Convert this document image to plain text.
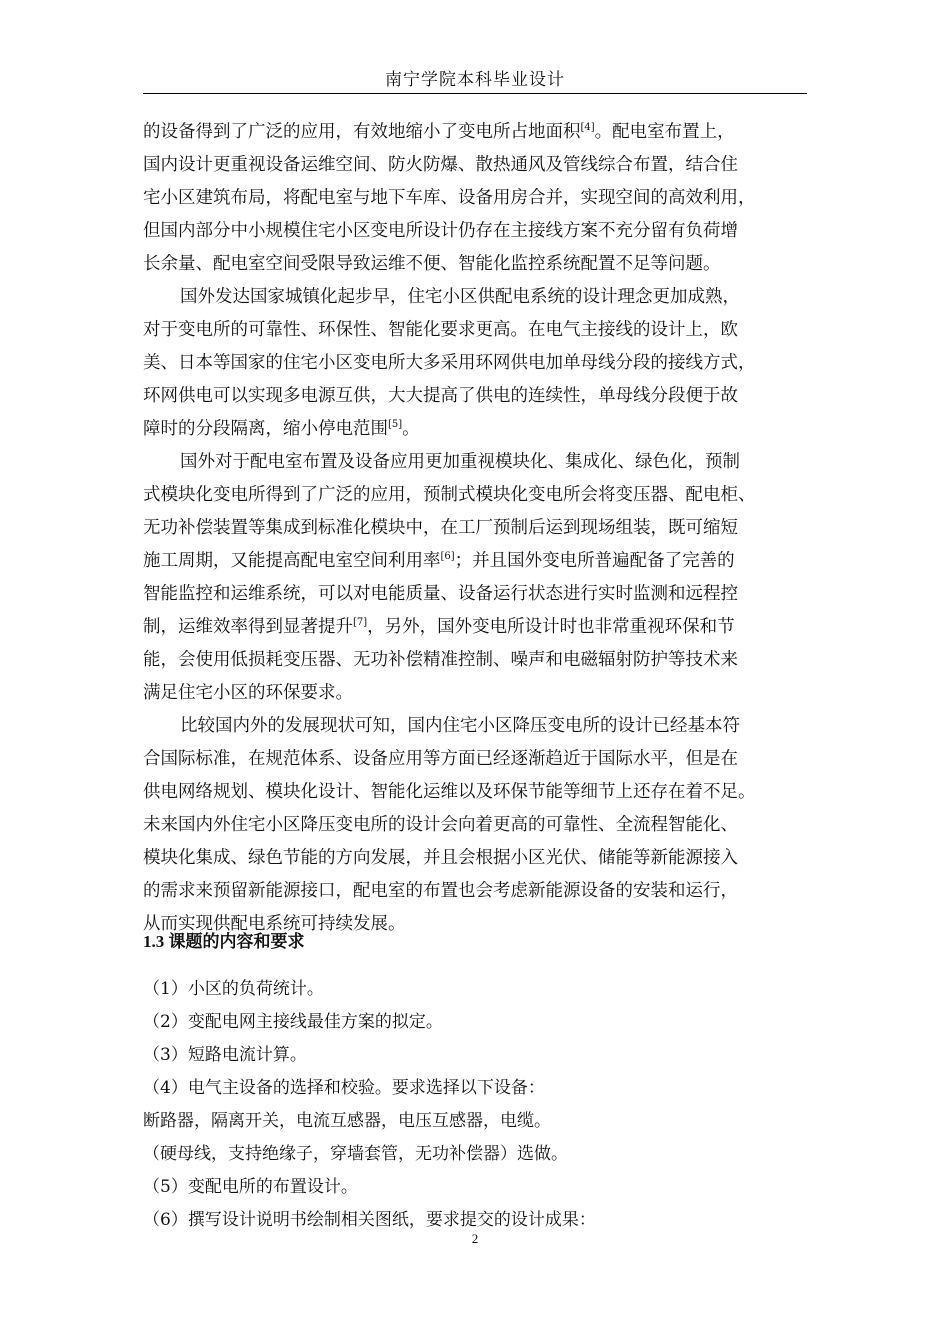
南宁学院本科毕业设计

的设备得到了广泛的应用，有效地缩小了变电所占地面积[4]。配电室布置上，
国内设计更重视设备运维空间、防火防爆、散热通风及管线综合布置，结合住
宅小区建筑布局，将配电室与地下车库、设备用房合并，实现空间的高效利用，
但国内部分中小规模住宅小区变电所设计仍存在主接线方案不充分留有负荷增
长余量、配电室空间受限导致运维不便、智能化监控系统配置不足等问题。

国外发达国家城镇化起步早，住宅小区供配电系统的设计理念更加成熟，
对于变电所的可靠性、环保性、智能化要求更高。在电气主接线的设计上，欧
美、日本等国家的住宅小区变电所大多采用环网供电加单母线分段的接线方式，
环网供电可以实现多电源互供，大大提高了供电的连续性，单母线分段便于故
障时的分段隔离，缩小停电范围[5]。

国外对于配电室布置及设备应用更加重视模块化、集成化、绿色化，预制
式模块化变电所得到了广泛的应用，预制式模块化变电所会将变压器、配电柜、
无功补偿装置等集成到标准化模块中，在工厂预制后运到现场组装，既可缩短
施工周期，又能提高配电室空间利用率[6]；并且国外变电所普遍配备了完善的
智能监控和运维系统，可以对电能质量、设备运行状态进行实时监测和远程控
制，运维效率得到显著提升[7]，另外，国外变电所设计时也非常重视环保和节
能，会使用低损耗变压器、无功补偿精准控制、噪声和电磁辐射防护等技术来
满足住宅小区的环保要求。

比较国内外的发展现状可知，国内住宅小区降压变电所的设计已经基本符
合国际标准，在规范体系、设备应用等方面已经逐渐趋近于国际水平，但是在
供电网络规划、模块化设计、智能化运维以及环保节能等细节上还存在着不足。
未来国内外住宅小区降压变电所的设计会向着更高的可靠性、全流程智能化、
模块化集成、绿色节能的方向发展，并且会根据小区光伏、储能等新能源接入
的需求来预留新能源接口，配电室的布置也会考虑新能源设备的安装和运行，
从而实现供配电系统可持续发展。

1.3 课题的内容和要求
（1）小区的负荷统计。
（2）变配电网主接线最佳方案的拟定。
（3）短路电流计算。
（4）电气主设备的选择和校验。要求选择以下设备：
断路器，隔离开关，电流互感器，电压互感器，电缆。
（硬母线，支持绝缘子，穿墙套管，无功补偿器）选做。
（5）变配电所的布置设计。
（6）撰写设计说明书绘制相关图纸，要求提交的设计成果：
2
